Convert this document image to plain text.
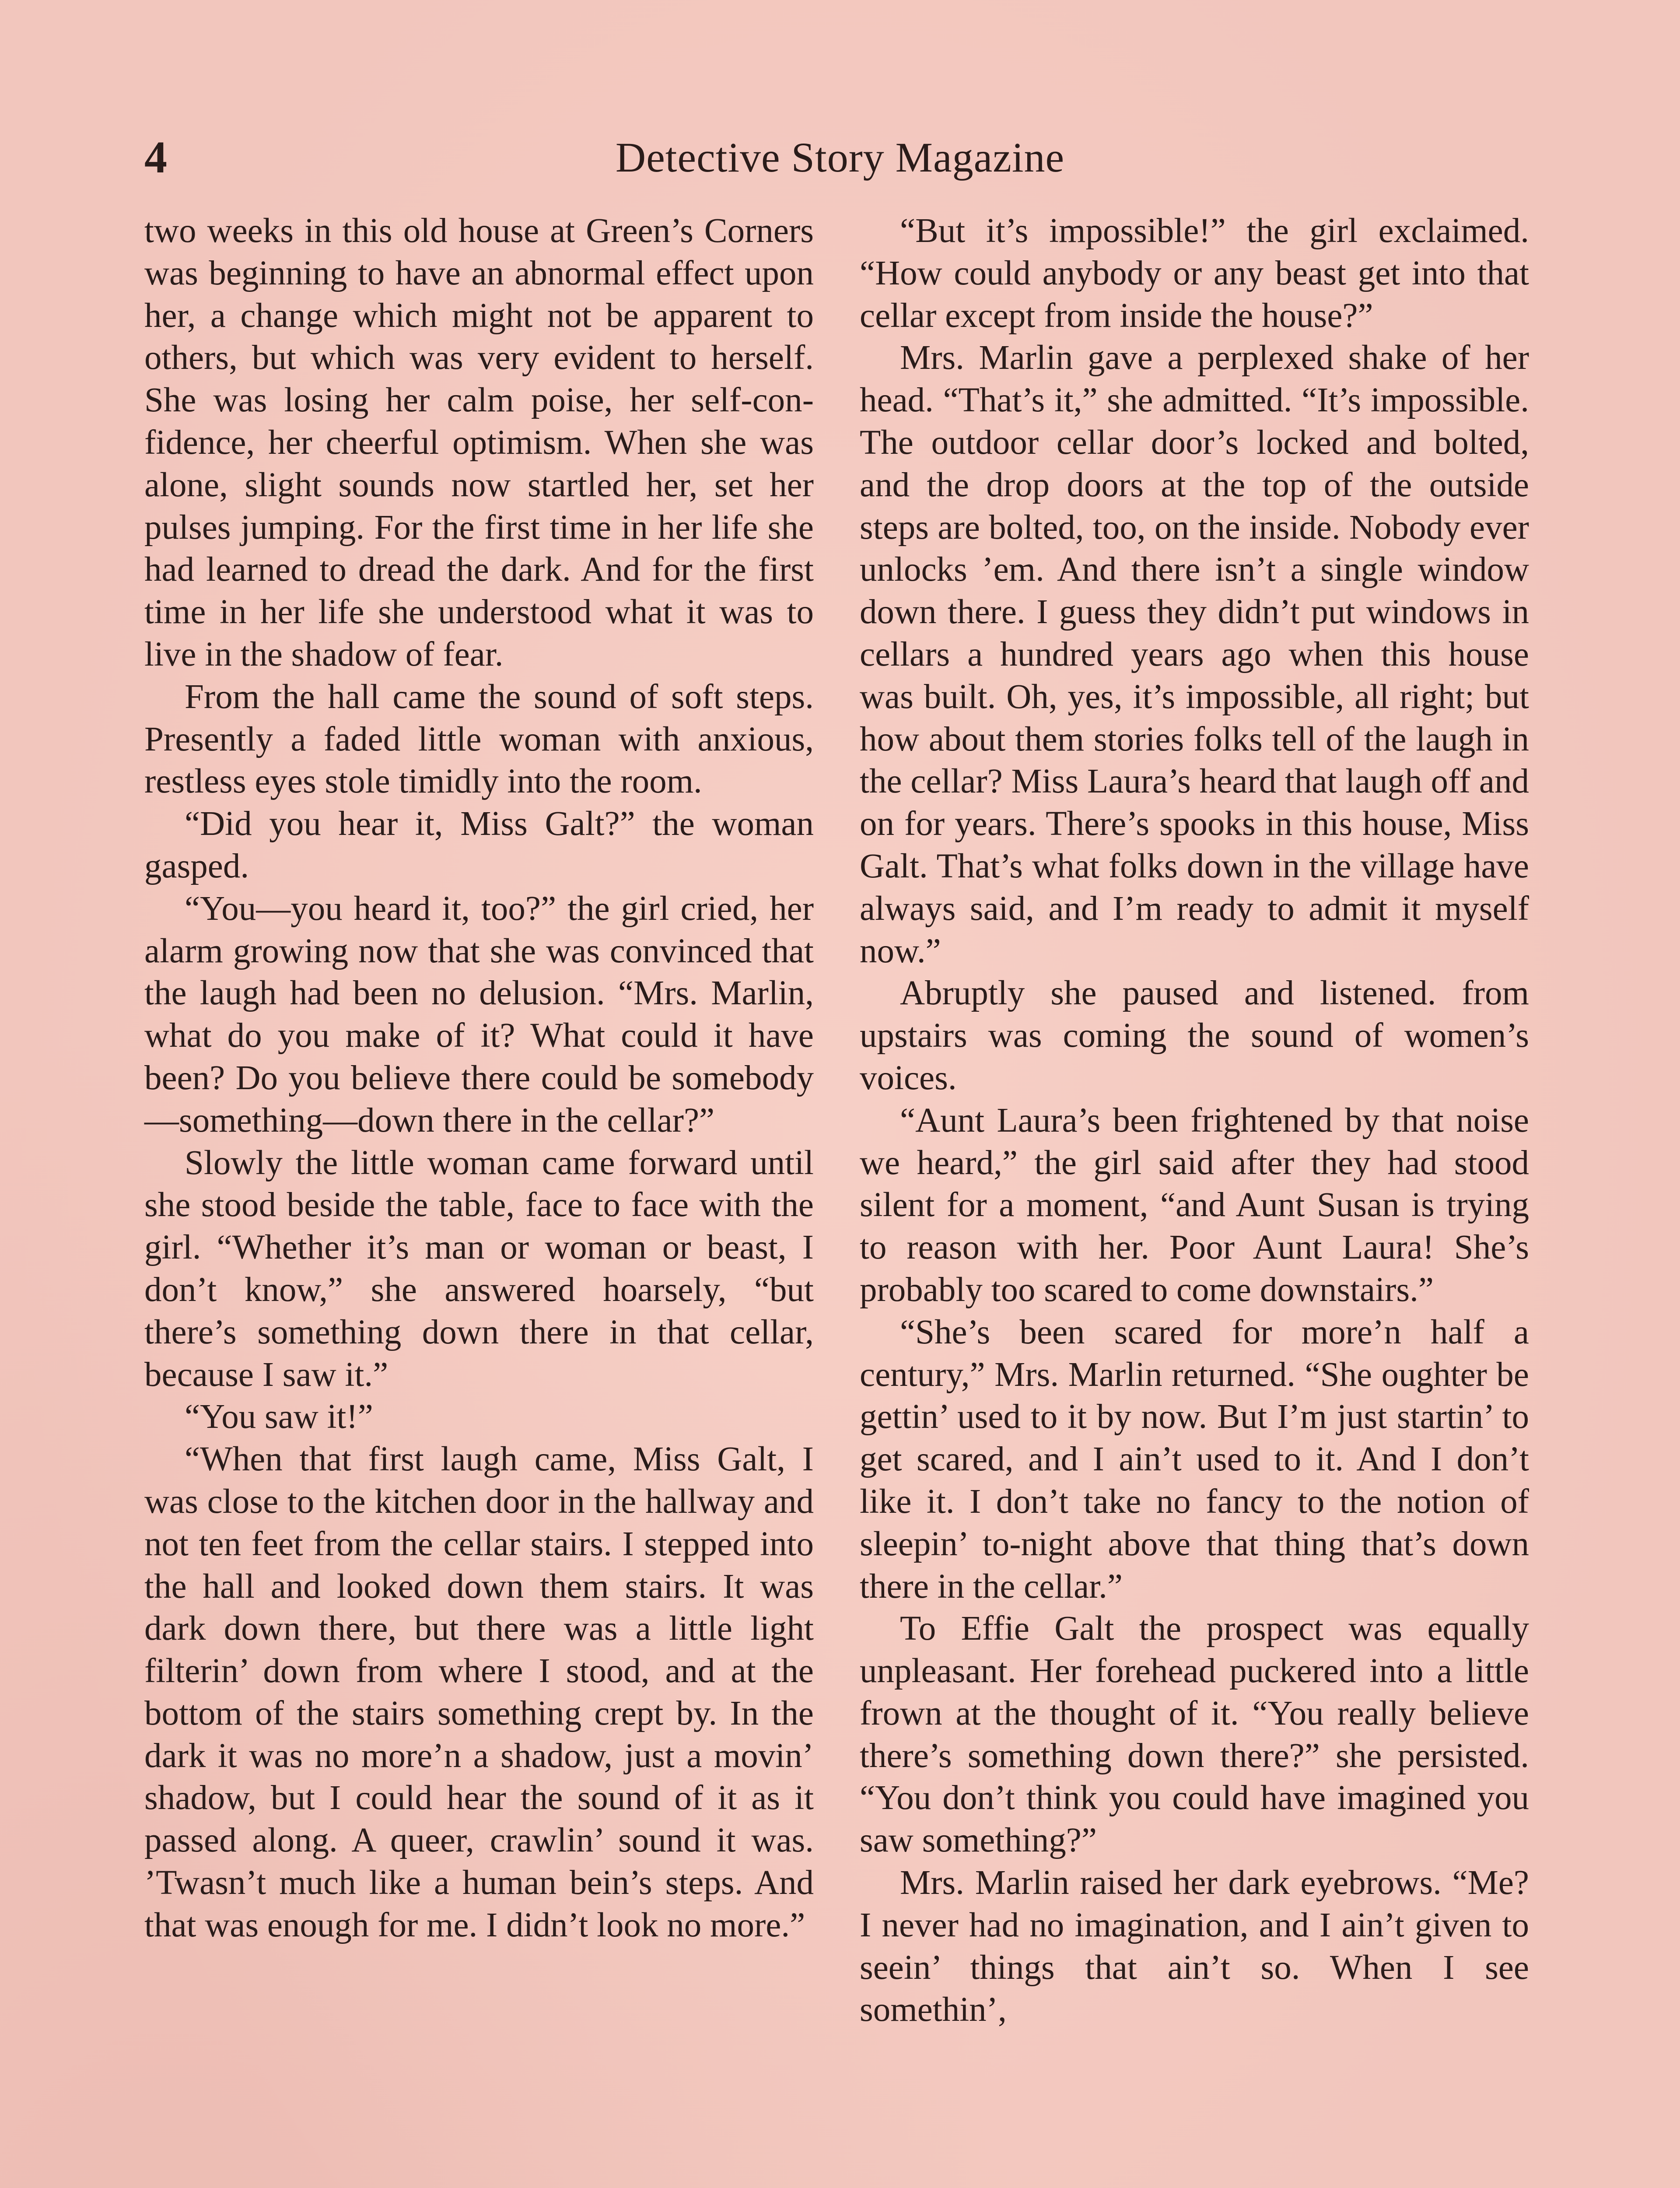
4	Detective Story Magazine

two weeks in this old house at Green’s Corners was beginning to have an abnormal effect upon her, a change which might not be apparent to others, but which was very evident to herself. She was losing her calm poise, her self-confidence, her cheerful optimism. When she was alone, slight sounds now startled her, set her pulses jumping. For the first time in her life she had learned to dread the dark. And for the first time in her life she understood what it was to live in the shadow of fear.

From the hall came the sound of soft steps. Presently a faded little woman with anxious, restless eyes stole timidly into the room.

“Did you hear it, Miss Galt?” the woman gasped.

“You—you heard it, too?” the girl cried, her alarm growing now that she was convinced that the laugh had been no delusion. “Mrs. Marlin, what do you make of it? What could it have been? Do you believe there could be somebody—something—down there in the cellar?”

Slowly the little woman came forward until she stood beside the table, face to face with the girl. “Whether it’s man or woman or beast, I don’t know,” she answered hoarsely, “but there’s something down there in that cellar, because I saw it.”

“You saw it!”

“When that first laugh came, Miss Galt, I was close to the kitchen door in the hallway and not ten feet from the cellar stairs. I stepped into the hall and looked down them stairs. It was dark down there, but there was a little light filterin’ down from where I stood, and at the bottom of the stairs something crept by. In the dark it was no more’n a shadow, just a movin’ shadow, but I could hear the sound of it as it passed along. A queer, crawlin’ sound it was. ’Twasn’t much like a human bein’s steps. And that was enough for me. I didn’t look no more.”

“But it’s impossible!” the girl exclaimed. “How could anybody or any beast get into that cellar except from inside the house?”

Mrs. Marlin gave a perplexed shake of her head. “That’s it,” she admitted. “It’s impossible. The outdoor cellar door’s locked and bolted, and the drop doors at the top of the outside steps are bolted, too, on the inside. Nobody ever unlocks ’em. And there isn’t a single window down there. I guess they didn’t put windows in cellars a hundred years ago when this house was built. Oh, yes, it’s impossible, all right; but how about them stories folks tell of the laugh in the cellar? Miss Laura’s heard that laugh off and on for years. There’s spooks in this house, Miss Galt. That’s what folks down in the village have always said, and I’m ready to admit it myself now.”

Abruptly she paused and listened. from upstairs was coming the sound of women’s voices.

“Aunt Laura’s been frightened by that noise we heard,” the girl said after they had stood silent for a moment, “and Aunt Susan is trying to reason with her. Poor Aunt Laura! She’s probably too scared to come downstairs.”

“She’s been scared for more’n half a century,” Mrs. Marlin returned. “She oughter be gettin’ used to it by now. But I’m just startin’ to get scared, and I ain’t used to it. And I don’t like it. I don’t take no fancy to the notion of sleepin’ to-night above that thing that’s down there in the cellar.”

To Effie Galt the prospect was equally unpleasant. Her forehead puckered into a little frown at the thought of it. “You really believe there’s something down there?” she persisted. “You don’t think you could have imagined you saw something?”

Mrs. Marlin raised her dark eyebrows. “Me? I never had no imagination, and I ain’t given to seein’ things that ain’t so. When I see somethin’,
